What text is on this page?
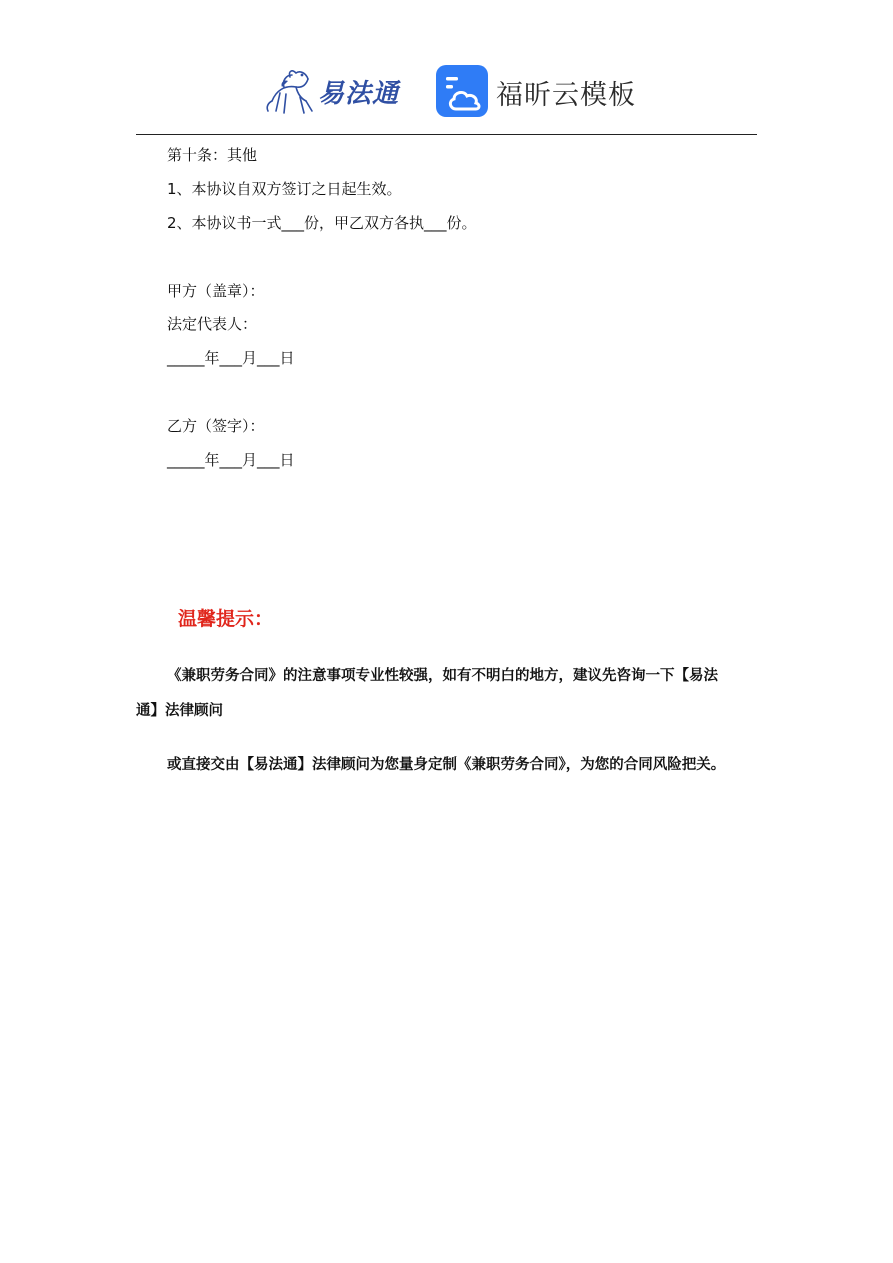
易法通	福昕云模板
第十条：其他
1、本协议自双方签订之日起生效。
2、本协议书一式___份，甲乙双方各执___份。
甲方（盖章）：
法定代表人：
_____年___月___日
乙方（签字）：
_____年___月___日
温馨提示：
《兼职劳务合同》的注意事项专业性较强，如有不明白的地方，建议先咨询一下【易法
通】法律顾问
或直接交由【易法通】法律顾问为您量身定制《兼职劳务合同》，为您的合同风险把关。
